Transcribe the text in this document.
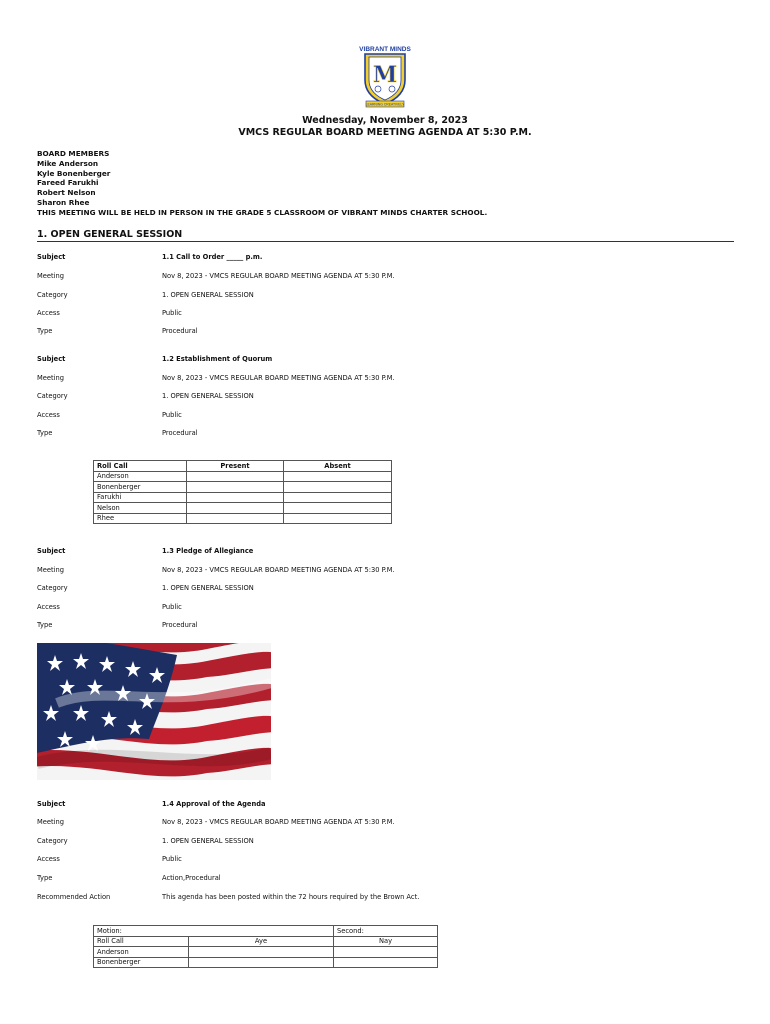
VIBRANT MINDS
M
LEARNING CREATIVELY
Wednesday, November 8, 2023
VMCS REGULAR BOARD MEETING AGENDA AT 5:30 P.M.
BOARD MEMBERS
Mike Anderson
Kyle Bonenberger
Fareed Farukhi
Robert Nelson
Sharon Rhee
THIS MEETING WILL BE HELD IN PERSON IN THE GRADE 5 CLASSROOM OF VIBRANT MINDS CHARTER SCHOOL.
1. OPEN GENERAL SESSION
Subject	1.1 Call to Order _____ p.m.
Meeting	Nov 8, 2023 - VMCS REGULAR BOARD MEETING AGENDA AT 5:30 P.M.
Category	1. OPEN GENERAL SESSION
Access	Public
Type	Procedural
Subject	1.2 Establishment of Quorum
Meeting	Nov 8, 2023 - VMCS REGULAR BOARD MEETING AGENDA AT 5:30 P.M.
Category	1. OPEN GENERAL SESSION
Access	Public
Type	Procedural
Roll Call	Present	Absent
Anderson		
Bonenberger		
Farukhi		
Nelson		
Rhee		
Subject	1.3 Pledge of Allegiance
Meeting	Nov 8, 2023 - VMCS REGULAR BOARD MEETING AGENDA AT 5:30 P.M.
Category	1. OPEN GENERAL SESSION
Access	Public
Type	Procedural
Subject	1.4 Approval of the Agenda
Meeting	Nov 8, 2023 - VMCS REGULAR BOARD MEETING AGENDA AT 5:30 P.M.
Category	1. OPEN GENERAL SESSION
Access	Public
Type	Action,Procedural
Recommended Action	This agenda has been posted within the 72 hours required by the Brown Act.
Motion:		Second:
Roll Call	Aye	Nay
Anderson		
Bonenberger		
